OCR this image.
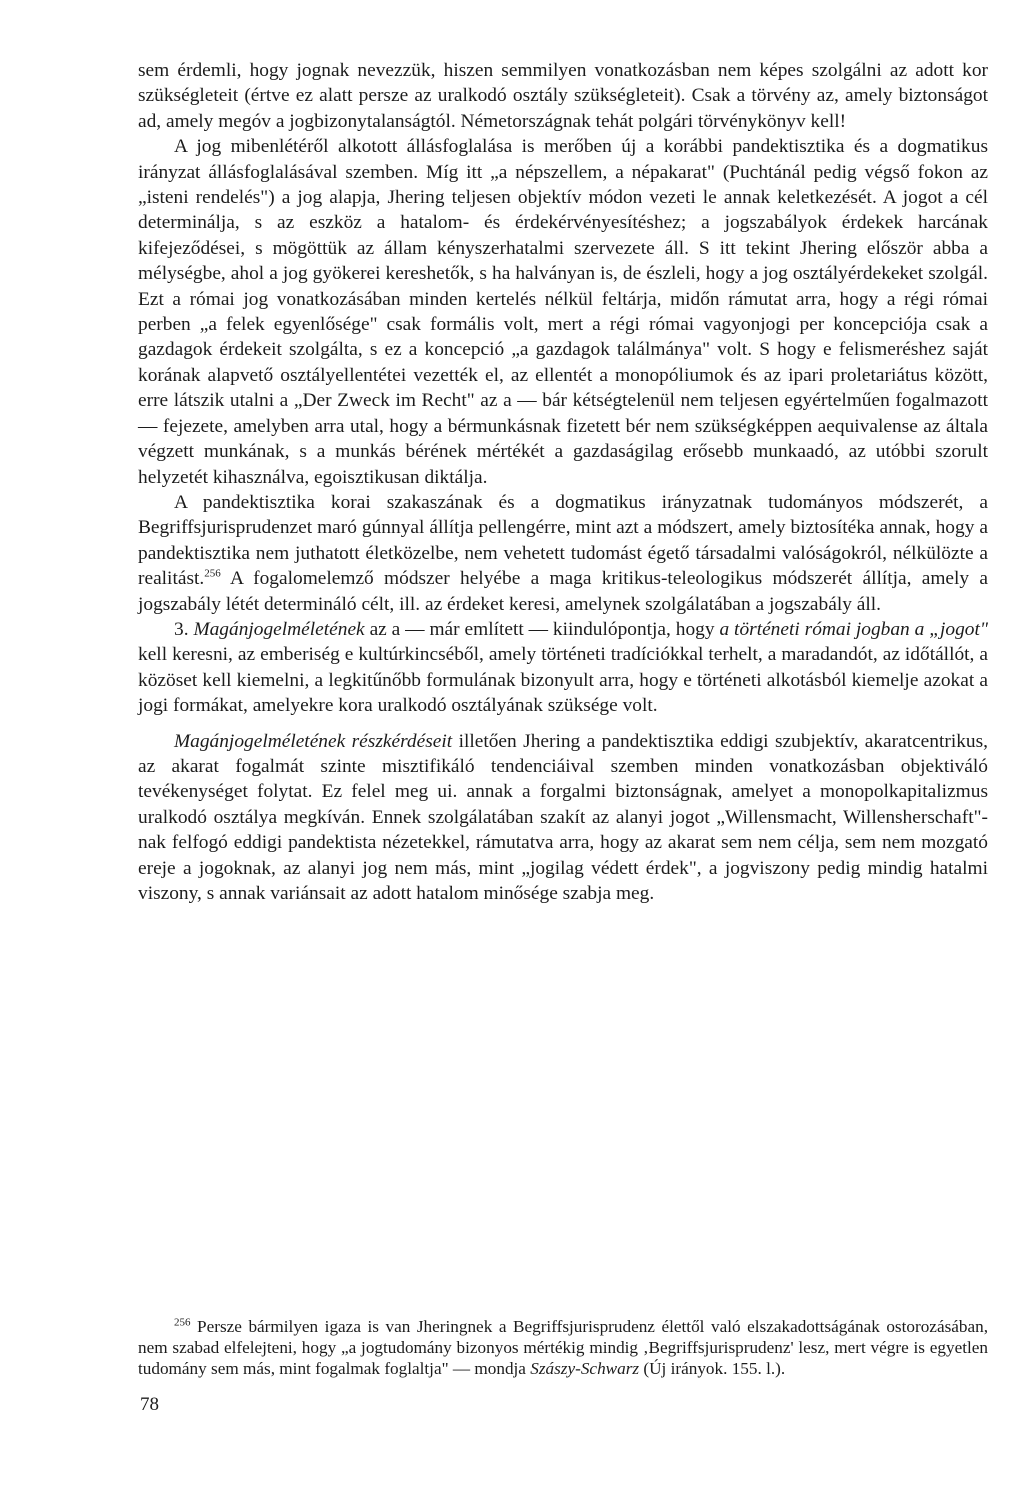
sem érdemli, hogy jognak nevezzük, hiszen semmilyen vonatkozásban nem képes szolgálni az adott kor szükségleteit (értve ez alatt persze az uralkodó osztály szükségleteit). Csak a törvény az, amely biztonságot ad, amely megóv a jogbizonytalanságtól. Németországnak tehát polgári törvénykönyv kell!

A jog mibenlétéről alkotott állásfoglalása is merőben új a korábbi pandektisztika és a dogmatikus irányzat állásfoglalásával szemben. Míg itt „a népszellem, a népakarat" (Puchtánál pedig végső fokon az „isteni rendelés") a jog alapja, Jhering teljesen objektív módon vezeti le annak keletkezését. A jogot a cél determinálja, s az eszköz a hatalom- és érdekérvényesítéshez; a jogszabályok érdekek harcának kifejeződései, s mögöttük az állam kényszerhatalmi szervezete áll. S itt tekint Jhering először abba a mélységbe, ahol a jog gyökerei kereshetők, s ha halványan is, de észleli, hogy a jog osztályérdekeket szolgál. Ezt a római jog vonatkozásában minden kertelés nélkül feltárja, midőn rámutat arra, hogy a régi római perben „a felek egyenlősége" csak formális volt, mert a régi római vagyonjogi per koncepciója csak a gazdagok érdekeit szolgálta, s ez a koncepció „a gazdagok találmánya" volt. S hogy e felismeréshez saját korának alapvető osztályellentétei vezették el, az ellentét a monopóliumok és az ipari proletariátus között, erre látszik utalni a „Der Zweck im Recht" az a — bár kétségtelenül nem teljesen egyértelműen fogalmazott — fejezete, amelyben arra utal, hogy a bérmunkásnak fizetett bér nem szükségképpen aequivalense az általa végzett munkának, s a munkás bérének mértékét a gazdaságilag erősebb munkaadó, az utóbbi szorult helyzetét kihasználva, egoisztikusan diktálja.

A pandektisztika korai szakaszának és a dogmatikus irányzatnak tudományos módszerét, a Begriffsjurisprudenzet maró gúnnyal állítja pellengérre, mint azt a módszert, amely biztosítéka annak, hogy a pandektisztika nem juthatott életközelbe, nem vehetett tudomást égető társadalmi valóságokról, nélkülözte a realitást.$^{256}$ A fogalomelemző módszer helyébe a maga kritikus-teleologikus módszerét állítja, amely a jogszabály létét determináló célt, ill. az érdeket keresi, amelynek szolgálatában a jogszabály áll.

3. Magánjogelméletének az a — már említett — kiindulópontja, hogy a történeti római jogban a „jogot" kell keresni, az emberiség e kultúrkincséből, amely történeti tradíciókkal terhelt, a maradandót, az időtállót, a közöset kell kiemelni, a legkitűnőbb formulának bizonyult arra, hogy e történeti alkotásból kiemelje azokat a jogi formákat, amelyekre kora uralkodó osztályának szüksége volt.

Magánjogelméletének részkérdéseit illetően Jhering a pandektisztika eddigi szubjektív, akaratcentrikus, az akarat fogalmát szinte misztifikáló tendenciáival szemben minden vonatkozásban objektiváló tevékenységet folytat. Ez felel meg ui. annak a forgalmi biztonságnak, amelyet a monopolkapitalizmus uralkodó osztálya megkíván. Ennek szolgálatában szakít az alanyi jogot „Willensmacht, Willensherschaft"-nak felfogó eddigi pandektista nézetekkel, rámutatva arra, hogy az akarat sem nem célja, sem nem mozgató ereje a jogoknak, az alanyi jog nem más, mint „jogilag védett érdek", a jogviszony pedig mindig hatalmi viszony, s annak variánsait az adott hatalom minősége szabja meg.

$^{256}$ Persze bármilyen igaza is van Jheringnek a Begriffsjurisprudenz élettől való elszakadottságának ostorozásában, nem szabad elfelejteni, hogy „a jogtudomány bizonyos mértékig mindig ‚Begriffsjurisprudenz' lesz, mert végre is egyetlen tudomány sem más, mint fogalmak foglaltja" — mondja Szászy-Schwarz (Új irányok. 155. l.).

78
